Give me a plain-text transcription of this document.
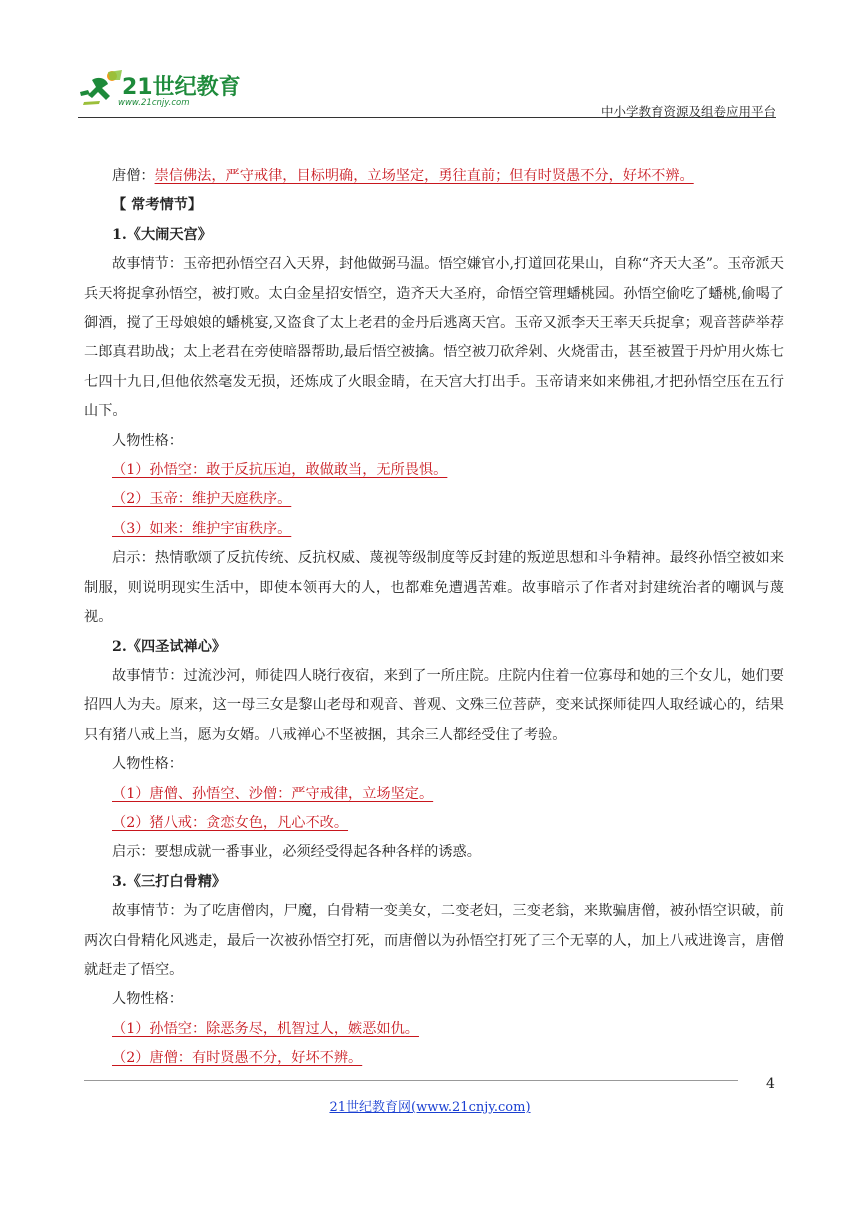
21世纪教育
www.21cnjy.com
中小学教育资源及组卷应用平台

唐僧：崇信佛法，严守戒律，目标明确，立场坚定，勇往直前；但有时贤愚不分，好坏不辨。

【 常考情节】

1.《大闹天宫》

故事情节：玉帝把孙悟空召入天界，封他做弼马温。悟空嫌官小,打道回花果山，自称“齐天大圣”。玉帝派天兵天将捉拿孙悟空，被打败。太白金星招安悟空，造齐天大圣府，命悟空管理蟠桃园。孙悟空偷吃了蟠桃,偷喝了御酒，搅了王母娘娘的蟠桃宴,又盗食了太上老君的金丹后逃离天宫。玉帝又派李天王率天兵捉拿；观音菩萨举荐二郎真君助战；太上老君在旁使暗器帮助,最后悟空被擒。悟空被刀砍斧剁、火烧雷击，甚至被置于丹炉用火炼七七四十九日,但他依然毫发无损，还炼成了火眼金睛，在天宫大打出手。玉帝请来如来佛祖,才把孙悟空压在五行山下。

人物性格：

（1）孙悟空：敢于反抗压迫，敢做敢当，无所畏惧。

（2）玉帝：维护天庭秩序。

（3）如来：维护宇宙秩序。

启示：热情歌颂了反抗传统、反抗权威、蔑视等级制度等反封建的叛逆思想和斗争精神。最终孙悟空被如来制服，则说明现实生活中，即使本领再大的人，也都难免遭遇苦难。故事暗示了作者对封建统治者的嘲讽与蔑视。

2.《四圣试禅心》

故事情节：过流沙河，师徒四人晓行夜宿，来到了一所庄院。庄院内住着一位寡母和她的三个女儿，她们要招四人为夫。原来，这一母三女是黎山老母和观音、普观、文殊三位菩萨，变来试探师徒四人取经诚心的，结果只有猪八戒上当，愿为女婿。八戒禅心不坚被捆，其余三人都经受住了考验。

人物性格：

（1）唐僧、孙悟空、沙僧：严守戒律，立场坚定。

（2）猪八戒：贪恋女色，凡心不改。

启示：要想成就一番事业，必须经受得起各种各样的诱惑。

3.《三打白骨精》

故事情节：为了吃唐僧肉，尸魔，白骨精一变美女，二变老妇，三变老翁，来欺骗唐僧，被孙悟空识破，前两次白骨精化风逃走，最后一次被孙悟空打死，而唐僧以为孙悟空打死了三个无辜的人，加上八戒进谗言，唐僧就赶走了悟空。

人物性格：

（1）孙悟空：除恶务尽，机智过人，嫉恶如仇。

（2）唐僧：有时贤愚不分，好坏不辨。

4
21世纪教育网(www.21cnjy.com)
